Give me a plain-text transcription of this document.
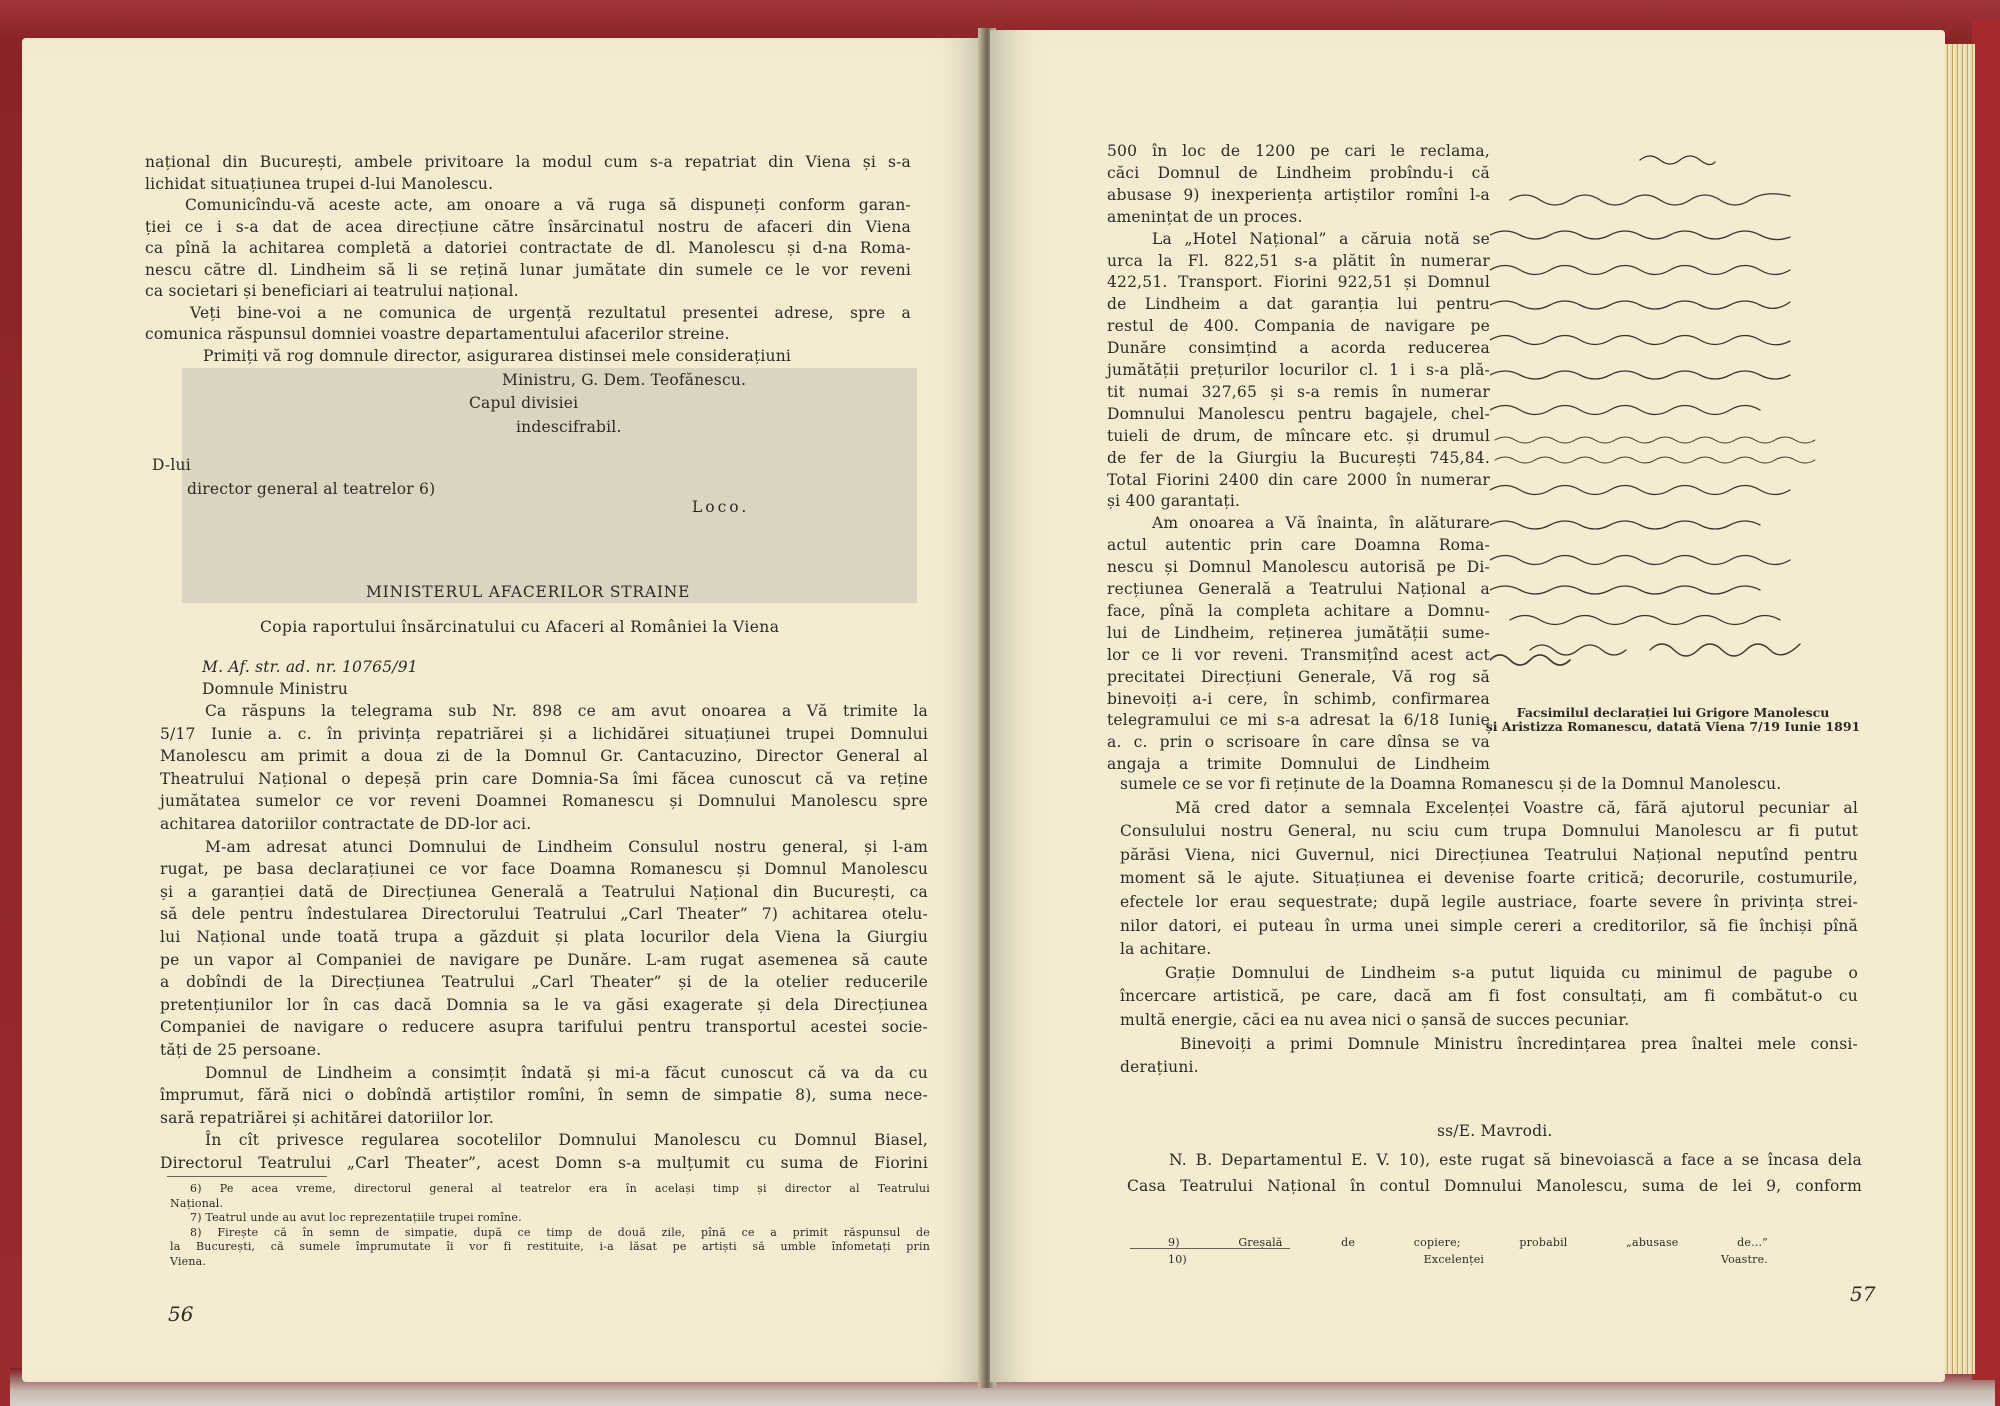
național din București, ambele privitoare la modul cum s-a repatriat din Viena și s-a
lichidat situațiunea trupei d-lui Manolescu.
Comunicîndu-vă aceste acte, am onoare a vă ruga să dispuneți conform garan-
ției ce i s-a dat de acea direcțiune către însărcinatul nostru de afaceri din Viena
ca pînă la achitarea completă a datoriei contractate de dl. Manolescu și d-na Roma-
nescu către dl. Lindheim să li se rețină lunar jumătate din sumele ce le vor reveni
ca societari și beneficiari ai teatrului național.
Veți bine-voi a ne comunica de urgență rezultatul presentei adrese, spre a
comunica răspunsul domniei voastre departamentului afacerilor streine.
Primiți vă rog domnule director, asigurarea distinsei mele considerațiuni
Ministru, G. Dem. Teofănescu.
Capul divisiei
indescifrabil.
D-lui
director general al teatrelor 6)
Loco.
MINISTERUL AFACERILOR STRAINE
Copia raportului însărcinatului cu Afaceri al României la Viena
M. Af. str. ad. nr. 10765/91
Domnule Ministru
Ca răspuns la telegrama sub Nr. 898 ce am avut onoarea a Vă trimite la
5/17 Iunie a. c. în privința repatriărei și a lichidărei situațiunei trupei Domnului
Manolescu am primit a doua zi de la Domnul Gr. Cantacuzino, Director General al
Theatrului Național o depeșă prin care Domnia-Sa îmi făcea cunoscut că va reține
jumătatea sumelor ce vor reveni Doamnei Romanescu și Domnului Manolescu spre
achitarea datoriilor contractate de DD-lor aci.
M-am adresat atunci Domnului de Lindheim Consulul nostru general, și l-am
rugat, pe basa declarațiunei ce vor face Doamna Romanescu și Domnul Manolescu
și a garanției dată de Direcțiunea Generală a Teatrului Național din București, ca
să dele pentru îndestularea Directorului Teatrului „Carl Theater” 7) achitarea otelu-
lui Național unde toată trupa a găzduit și plata locurilor dela Viena la Giurgiu
pe un vapor al Companiei de navigare pe Dunăre. L-am rugat asemenea să caute
a dobîndi de la Direcțiunea Teatrului „Carl Theater” și de la otelier reducerile
pretențiunilor lor în cas dacă Domnia sa le va găsi exagerate și dela Direcțiunea
Companiei de navigare o reducere asupra tarifului pentru transportul acestei socie-
tăți de 25 persoane.
Domnul de Lindheim a consimțit îndată și mi-a făcut cunoscut că va da cu
împrumut, fără nici o dobîndă artiștilor romîni, în semn de simpatie 8), suma nece-
sară repatriărei și achitărei datoriilor lor.
În cît privesce regularea socotelilor Domnului Manolescu cu Domnul Biasel,
Directorul Teatrului „Carl Theater”, acest Domn s-a mulțumit cu suma de Fiorini
6) Pe acea vreme, directorul general al teatrelor era în același timp și director al Teatrului
Național.
7) Teatrul unde au avut loc reprezentațiile trupei romîne.
8) Firește că în semn de simpatie, după ce timp de două zile, pînă ce a primit răspunsul de
la București, că sumele împrumutate îi vor fi restituite, i-a lăsat pe artiști să umble înfometați prin
Viena.
56
500 în loc de 1200 pe cari le reclama,
căci Domnul de Lindheim probîndu-i că
abusase 9) inexperiența artiștilor romîni l-a
amenințat de un proces.
La „Hotel Național” a căruia notă se
urca la Fl. 822,51 s-a plătit în numerar
422,51. Transport. Fiorini 922,51 și Domnul
de Lindheim a dat garanția lui pentru
restul de 400. Compania de navigare pe
Dunăre consimțind a acorda reducerea
jumătății prețurilor locurilor cl. 1 i s-a plă-
tit numai 327,65 și s-a remis în numerar
Domnului Manolescu pentru bagajele, chel-
tuieli de drum, de mîncare etc. și drumul
de fer de la Giurgiu la București 745,84.
Total Fiorini 2400 din care 2000 în numerar
și 400 garantați.
Am onoarea a Vă înainta, în alăturare
actul autentic prin care Doamna Roma-
nescu și Domnul Manolescu autorisă pe Di-
recțiunea Generală a Teatrului Național a
face, pînă la completa achitare a Domnu-
lui de Lindheim, reținerea jumătății sume-
lor ce li vor reveni. Transmițînd acest act
precitatei Direcțiuni Generale, Vă rog să
binevoiți a-i cere, în schimb, confirmarea
telegramului ce mi s-a adresat la 6/18 Iunie
a. c. prin o scrisoare în care dînsa se va
angaja a trimite Domnului de Lindheim
Facsimilul declarației lui Grigore Manolescu
și Aristizza Romanescu, datată Viena 7/19 Iunie 1891
sumele ce se vor fi reținute de la Doamna Romanescu și de la Domnul Manolescu.
Mă cred dator a semnala Excelenței Voastre că, fără ajutorul pecuniar al
Consulului nostru General, nu sciu cum trupa Domnului Manolescu ar fi putut
părăsi Viena, nici Guvernul, nici Direcțiunea Teatrului Național neputînd pentru
moment să le ajute. Situațiunea ei devenise foarte critică; decorurile, costumurile,
efectele lor erau sequestrate; după legile austriace, foarte severe în privința strei-
nilor datori, ei puteau în urma unei simple cereri a creditorilor, să fie închiși pînă
la achitare.
Grație Domnului de Lindheim s-a putut liquida cu minimul de pagube o
încercare artistică, pe care, dacă am fi fost consultați, am fi combătut-o cu
multă energie, căci ea nu avea nici o șansă de succes pecuniar.
Binevoiți a primi Domnule Ministru încredințarea prea înaltei mele consi-
derațiuni.
ss/E. Mavrodi.
N. B. Departamentul E. V. 10), este rugat să binevoiască a face a se încasa dela
Casa Teatrului Național în contul Domnului Manolescu, suma de lei 9, conform
9) Greșală de copiere; probabil „abusase de...”
10) Excelenței Voastre.
57
